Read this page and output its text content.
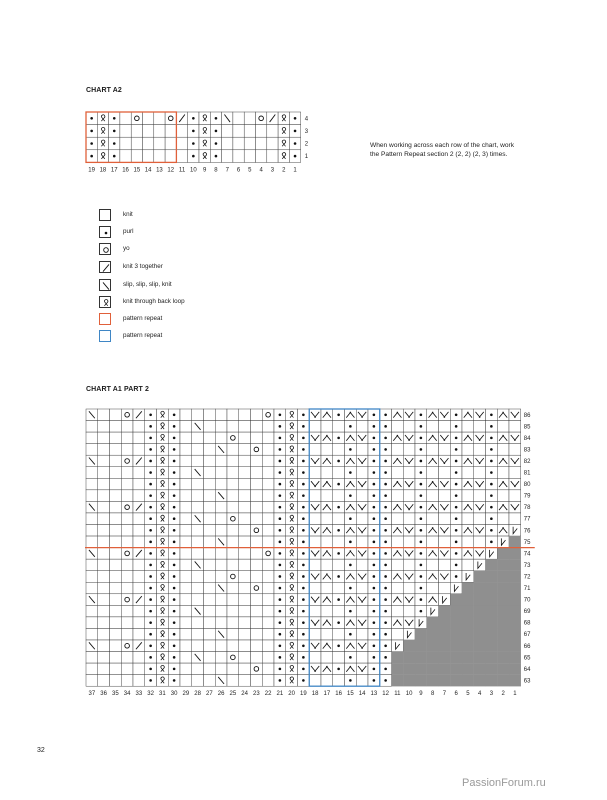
CHART A2
When working across each row of the chart, work the Pattern Repeat section 2 (2, 2) (2, 3) times.
4
3
2
1
19 18 17 16 15 14 13 12 11 10 9 8 7 6 5 4 3 2 1
knit
purl
yo
knit 3 together
slip, slip, slip, knit
knit through back loop
pattern repeat
pattern repeat
CHART A1 PART 2
86
85
84
83
82
81
80
79
78
77
76
75
74
73
72
71
70
69
68
67
66
65
64
63
37 36 35 34 33 32 31 30 29 28 27 26 25 24 23 22 21 20 19 18 17 16 15 14 13 12 11 10 9 8 7 6 5 4 3 2 1
32
PassionForum.ru
